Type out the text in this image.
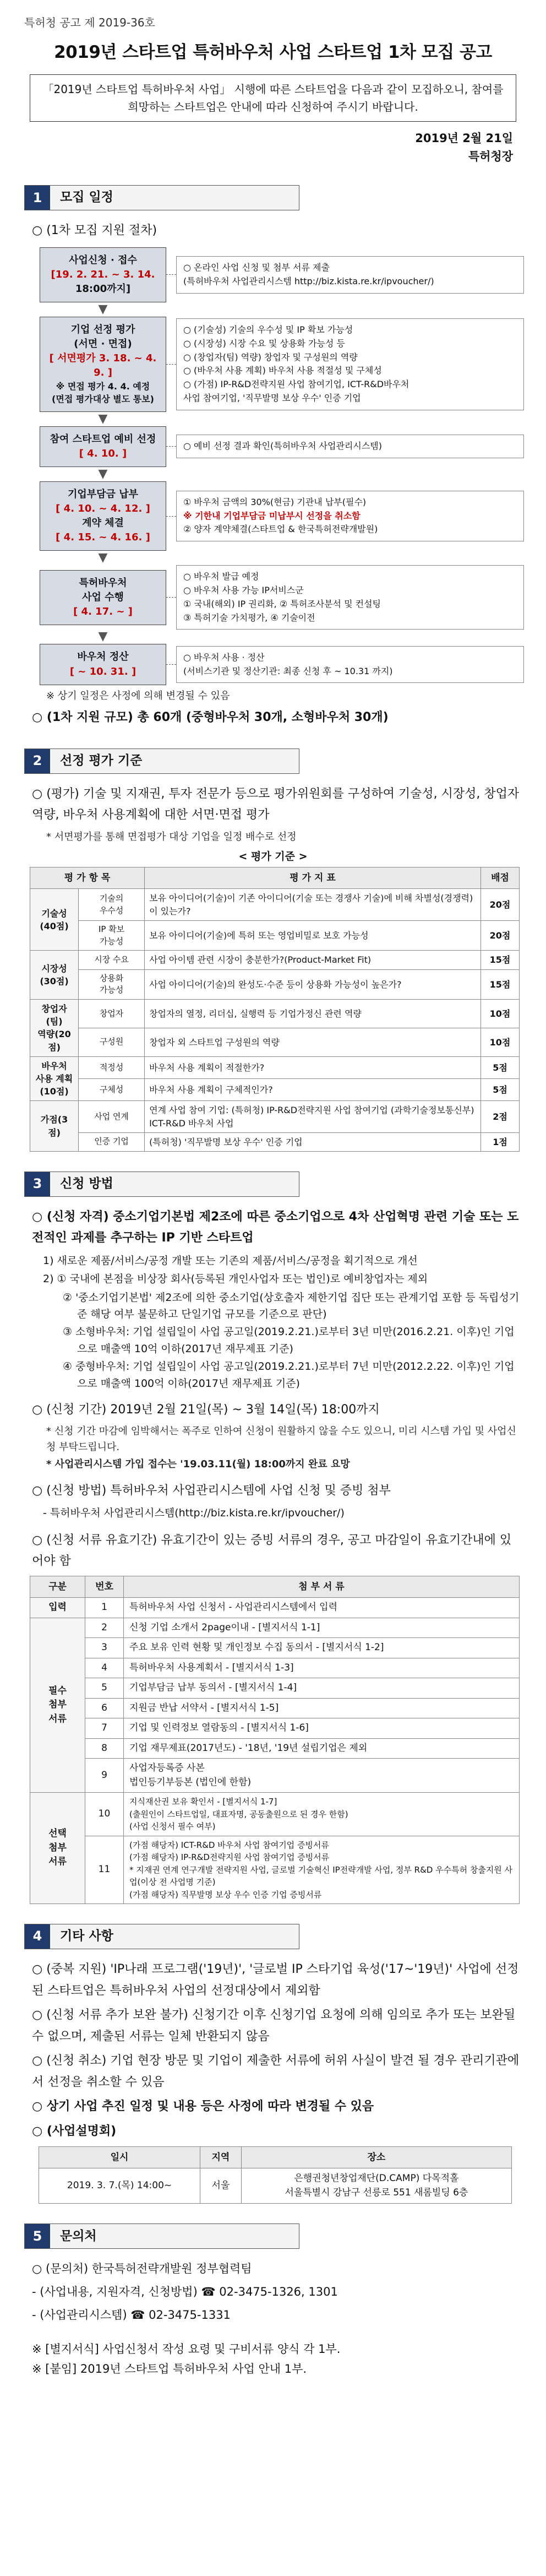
특허청 공고 제 2019-36호
2019년 스타트업 특허바우처 사업 스타트업 1차 모집 공고
「2019년 스타트업 특허바우처 사업」 시행에 따른 스타트업을 다음과 같이 모집하오니, 참여를 희망하는 스타트업은 안내에 따라 신청하여 주시기 바랍니다.
2019년 2월 21일
특허청장
1	모집 일정
○ (1차 모집 지원 절차)
사업신청 · 접수
[19. 2. 21. ~ 3. 14.
18:00까지]
○ 온라인 사업 신청 및 첨부 서류 제출
(특허바우처 사업관리시스템 http://biz.kista.re.kr/ipvoucher/)
▼
기업 선정 평가
(서면 · 면접)
[ 서면평가 3. 18. ~ 4. 9. ]
※ 면접 평가 4. 4. 예정
(면접 평가대상 별도 통보)
○ (기술성) 기술의 우수성 및 IP 확보 가능성
○ (시장성) 시장 수요 및 상용화 가능성 등
○ (창업자(팀) 역량) 창업자 및 구성원의 역량
○ (바우처 사용 계획) 바우처 사용 적절성 및 구체성
○ (가점) IP-R&D전략지원 사업 참여기업, ICT-R&D바우처
사업 참여기업, '직무발명 보상 우수' 인증 기업
▼
참여 스타트업 예비 선정
[ 4. 10. ]
○ 예비 선정 결과 확인(특허바우처 사업관리시스템)
▼
기업부담금 납부
[ 4. 10. ~ 4. 12. ]
계약 체결
[ 4. 15. ~ 4. 16. ]
① 바우처 금액의 30%(현금) 기관내 납부(필수)
※ 기한내 기업부담금 미납부시 선정을 취소함
② 양자 계약체결(스타트업 & 한국특허전략개발원)
▼
특허바우처
사업 수행
[ 4. 17. ~ ]
○ 바우처 발급 예정
○ 바우처 사용 가능 IP서비스군
① 국내(해외) IP 권리화, ② 특허조사분석 및 컨설팅
③ 특허기술 가치평가, ④ 기술이전
▼
바우처 정산
[ ~ 10. 31. ]
○ 바우처 사용 · 정산
(서비스기관 및 정산기관: 최종 신청 후 ~ 10.31 까지)
※ 상기 일정은 사정에 의해 변경될 수 있음
○ (1차 지원 규모) 총 60개 (중형바우처 30개, 소형바우처 30개)
2	선정 평가 기준
○ (평가) 기술 및 지재권, 투자 전문가 등으로 평가위원회를 구성하여 기술성, 시장성, 창업자 역량, 바우처 사용계획에 대한 서면·면접 평가
* 서면평가를 통해 면접평가 대상 기업을 일정 배수로 선정
< 평가 기준 >
평 가 항 목		평 가 지 표	배점
기술성
(40점)	기술의
우수성	보유 아이디어(기술)이 기존 아이디어(기술 또는 경쟁사 기술)에 비해 차별성(경쟁력)이 있는가?	20점
	IP 확보
가능성	보유 아이디어(기술)에 특허 또는 영업비밀로 보호 가능성	20점
시장성
(30점)	시장 수요	사업 아이템 관련 시장이 충분한가?(Product-Market Fit)	15점
	상용화
가능성	사업 아이디어(기술)의 완성도·수준 등이 상용화 가능성이 높은가?	15점
창업자(팀)
역량(20점)	창업자	창업자의 열정, 리더십, 실행력 등 기업가정신 관련 역량	10점
	구성원	창업자 외 스타트업 구성원의 역량	10점
바우처
사용 계획
(10점)	적정성	바우처 사용 계획이 적절한가?	5점
	구체성	바우처 사용 계획이 구체적인가?	5점
가점(3점)	사업 연계	연계 사업 참여 기업: (특허청) IP-R&D전략지원 사업 참여기업 (과학기술정보통신부) ICT-R&D 바우처 사업	2점
	인증 기업	(특허청) '직무발명 보상 우수' 인증 기업	1점
3	신청 방법
○ (신청 자격) 중소기업기본법 제2조에 따른 중소기업으로 4차 산업혁명 관련 기술 또는 도전적인 과제를 추구하는 IP 기반 스타트업
1) 새로운 제품/서비스/공정 개발 또는 기존의 제품/서비스/공정을 획기적으로 개선
2) ① 국내에 본점을 비상장 회사(등록된 개인사업자 또는 법인)로 예비창업자는 제외
② '중소기업기본법' 제2조에 의한 중소기업(상호출자 제한기업 집단 또는 관계기업 포함 등 독립성기준 해당 여부 불문하고 단일기업 규모를 기준으로 판단)
③ 소형바우처: 기업 설립일이 사업 공고일(2019.2.21.)로부터 3년 미만(2016.2.21. 이후)인 기업으로 매출액 10억 이하(2017년 재무제표 기준)
④ 중형바우처: 기업 설립일이 사업 공고일(2019.2.21.)로부터 7년 미만(2012.2.22. 이후)인 기업으로 매출액 100억 이하(2017년 재무제표 기준)
○ (신청 기간) 2019년 2월 21일(목) ~ 3월 14일(목) 18:00까지
* 신청 기간 마감에 임박해서는 폭주로 인하여 신청이 원활하지 않을 수도 있으니, 미리 시스템 가입 및 사업신청 부탁드립니다.
* 사업관리시스템 가입 접수는 '19.03.11(월) 18:00까지 완료 요망
○ (신청 방법) 특허바우처 사업관리시스템에 사업 신청 및 증빙 첨부
- 특허바우처 사업관리시스템(http://biz.kista.re.kr/ipvoucher/)
○ (신청 서류 유효기간) 유효기간이 있는 증빙 서류의 경우, 공고 마감일이 유효기간내에 있어야 함
구분	번호	첨 부 서 류
입력	1	특허바우처 사업 신청서 - 사업관리시스템에서 입력
필수
첨부
서류	2	신청 기업 소개서 2page이내 - [별지서식 1-1]
	3	주요 보유 인력 현황 및 개인정보 수집 동의서 - [별지서식 1-2]
	4	특허바우처 사용계획서 - [별지서식 1-3]
	5	기업부담금 납부 동의서 - [별지서식 1-4]
	6	지원금 반납 서약서 - [별지서식 1-5]
	7	기업 및 인력정보 열람동의 - [별지서식 1-6]
	8	기업 재무제표(2017년도) - '18년, '19년 설립기업은 제외
	9	사업자등록증 사본
법인등기부등본 (법인에 한함)
선택
첨부
서류	10	지식재산권 보유 확인서 - [별지서식 1-7]
(출원인이 스타트업일, 대표자명, 공동출원으로 된 경우 한함)
(사업 신청서 필수 여부)
	11	(가점 해당자) ICT-R&D 바우처 사업 참여기업 증빙서류
(가점 해당자) IP-R&D전략지원 사업 참여기업 증빙서류
* 지재권 연계 연구개발 전략지원 사업, 글로벌 기술혁신 IP전략개발 사업, 정부 R&D 우수특허 창출지원 사업(이상 전 사업명 기준)
(가점 해당자) 직무발명 보상 우수 인증 기업 증빙서류
4	기타 사항
○ (중복 지원) 'IP나래 프로그램('19년)', '글로벌 IP 스타기업 육성('17~'19년)' 사업에 선정된 스타트업은 특허바우처 사업의 선정대상에서 제외함
○ (신청 서류 추가 보완 불가) 신청기간 이후 신청기업 요청에 의해 임의로 추가 또는 보완될 수 없으며, 제출된 서류는 일체 반환되지 않음
○ (신청 취소) 기업 현장 방문 및 기업이 제출한 서류에 허위 사실이 발견 될 경우 관리기관에서 선정을 취소할 수 있음
○ 상기 사업 추진 일정 및 내용 등은 사정에 따라 변경될 수 있음
○ (사업설명회)
일시	지역	장소
2019. 3. 7.(목) 14:00~	서울	은행권청년창업재단(D.CAMP) 다목적홀
서울특별시 강남구 선릉로 551 새롬빌딩 6층
5	문의처
○ (문의처) 한국특허전략개발원 정부협력팀
- (사업내용, 지원자격, 신청방법) ☎ 02-3475-1326, 1301
- (사업관리시스템) ☎ 02-3475-1331
※ [별지서식] 사업신청서 작성 요령 및 구비서류 양식 각 1부.
※ [붙임] 2019년 스타트업 특허바우처 사업 안내 1부.
